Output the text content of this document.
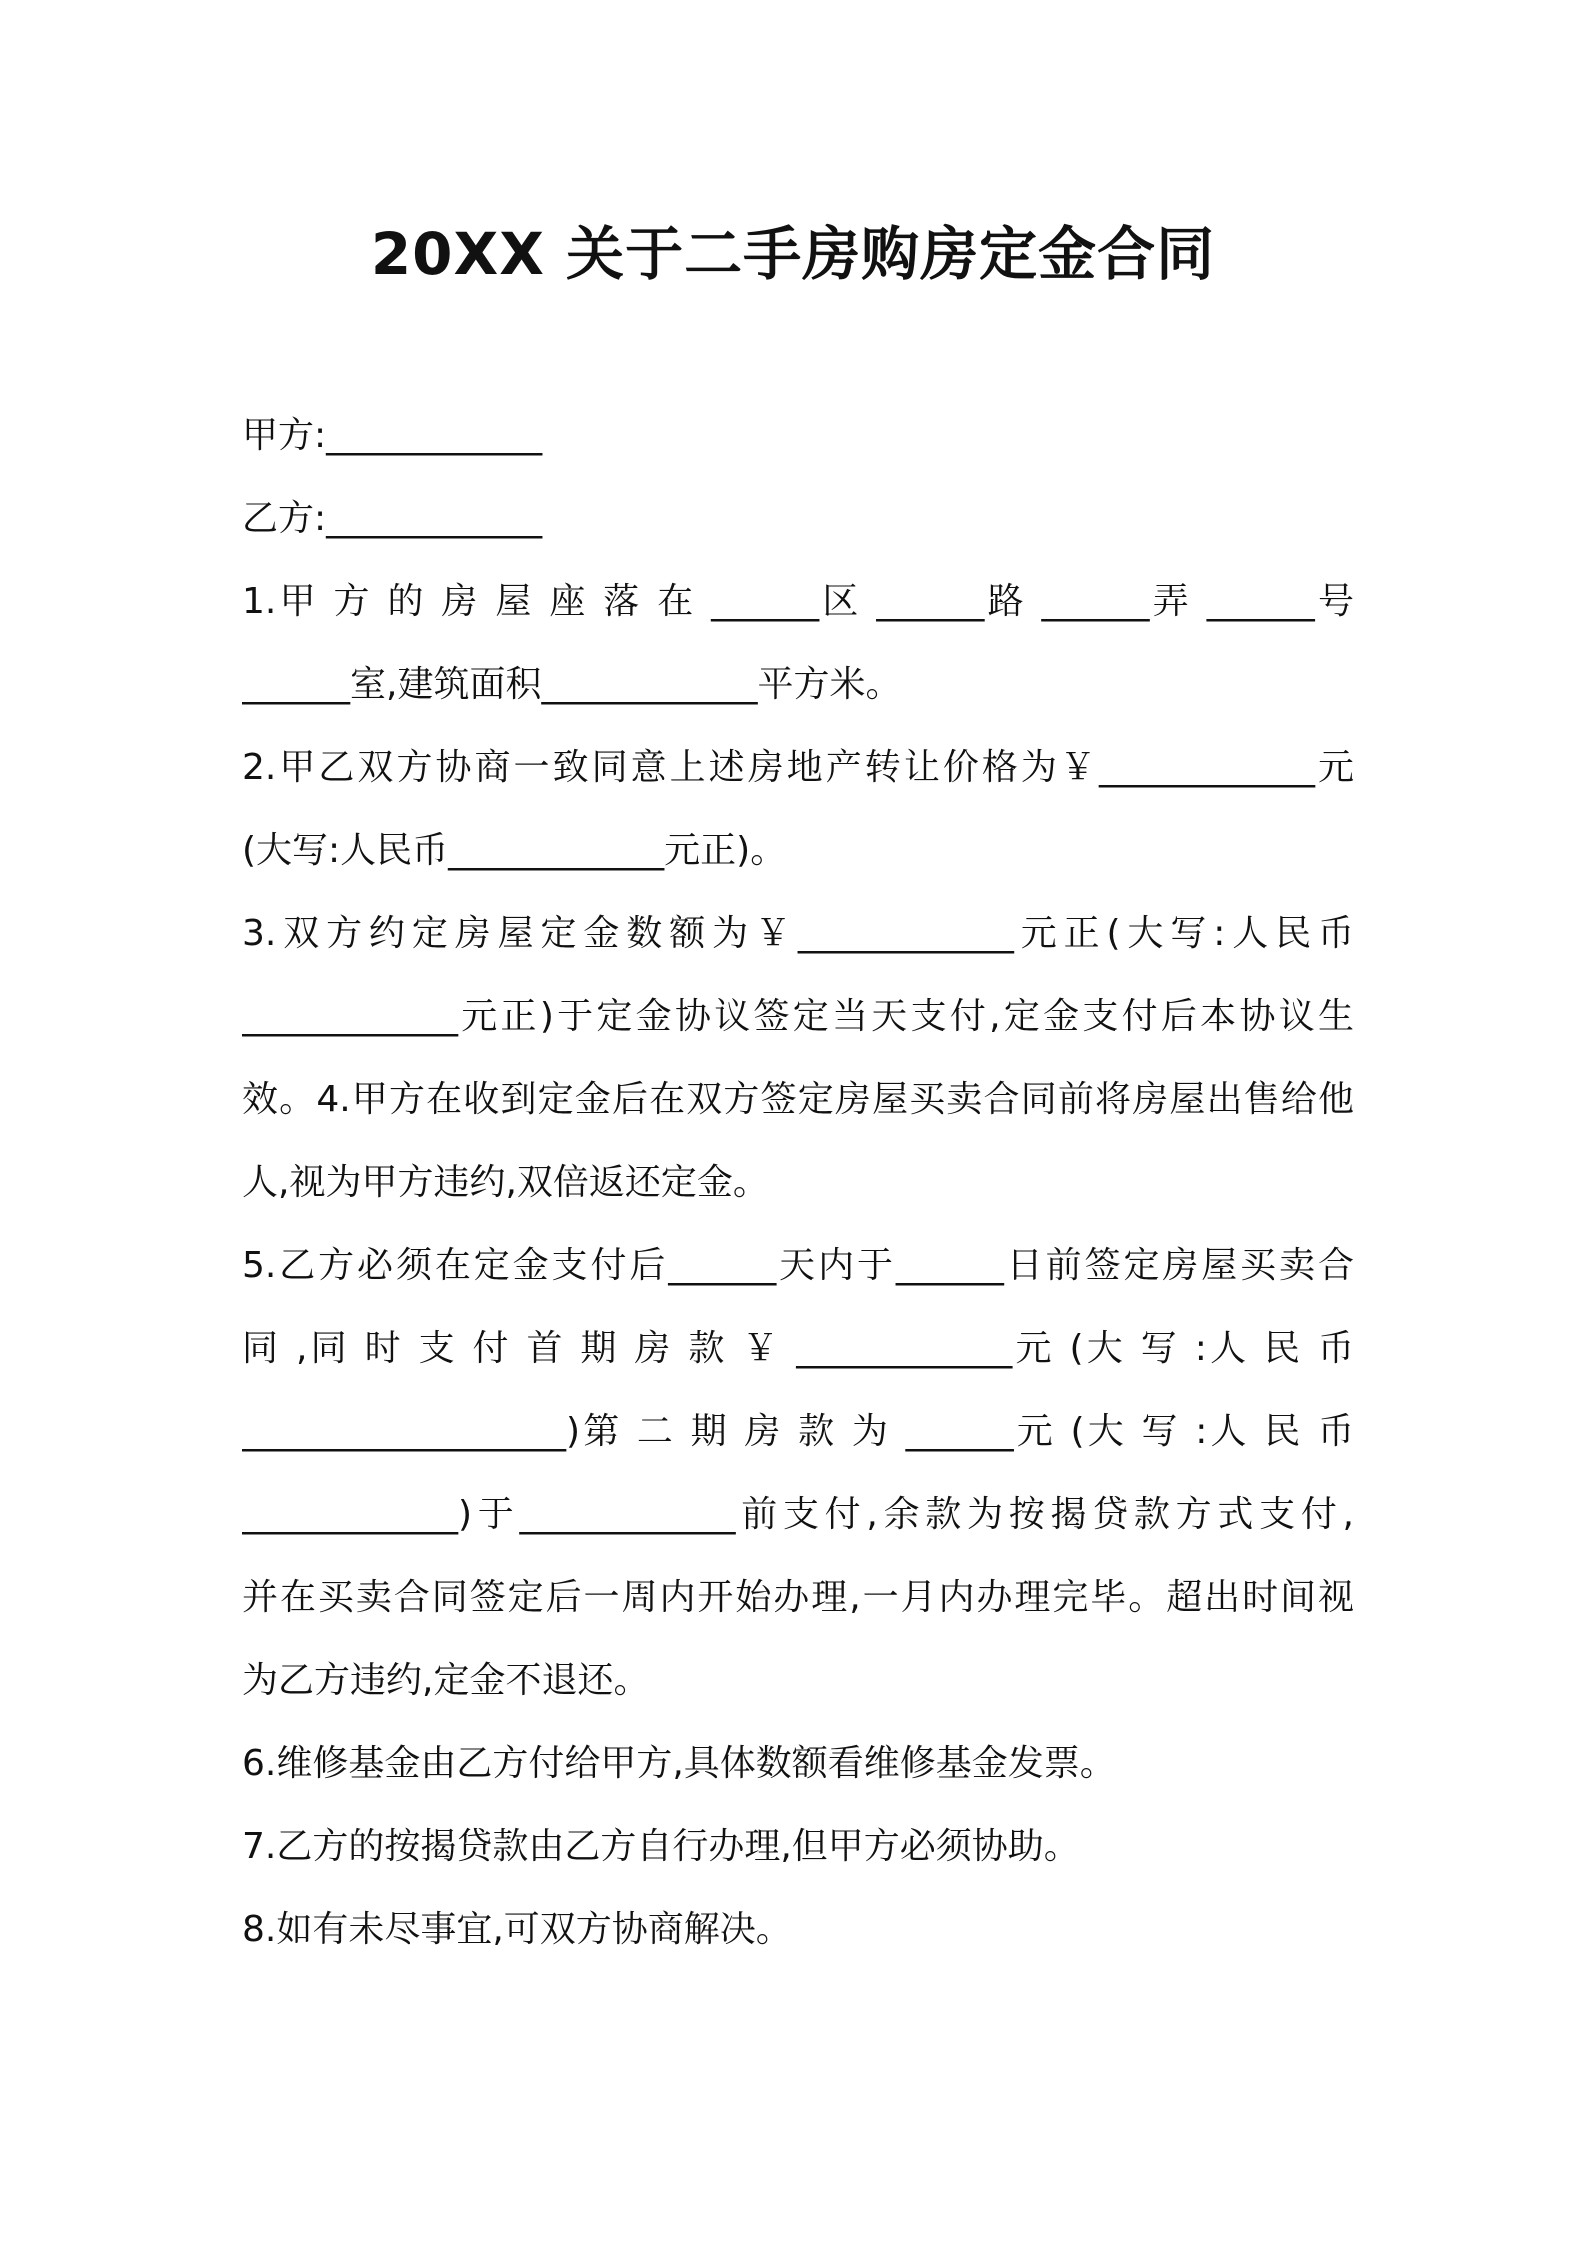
20XX 关于二手房购房定金合同
甲方:____________
乙方:____________
1.甲 方 的 房 屋 座 落 在 ______区 ______路 ______弄 ______号
______室,建筑面积____________平方米。
2.甲乙双方协商一致同意上述房地产转让价格为￥____________元
(大写:人民币____________元正)。
3.双方约定房屋定金数额为￥____________元正(大写:人民币
____________元正)于定金协议签定当天支付,定金支付后本协议生
效。4.甲方在收到定金后在双方签定房屋买卖合同前将房屋出售给他
人,视为甲方违约,双倍返还定金。
5.乙方必须在定金支付后______天内于______日前签定房屋买卖合
同 ,同 时 支 付 首 期 房 款 ￥ ____________元 (大 写 :人 民 币
__________________)第 二 期 房 款 为 ______元 (大 写 :人 民 币
____________)于____________前支付,余款为按揭贷款方式支付,
并在买卖合同签定后一周内开始办理,一月内办理完毕。超出时间视
为乙方违约,定金不退还。
6.维修基金由乙方付给甲方,具体数额看维修基金发票。
7.乙方的按揭贷款由乙方自行办理,但甲方必须协助。
8.如有未尽事宜,可双方协商解决。
